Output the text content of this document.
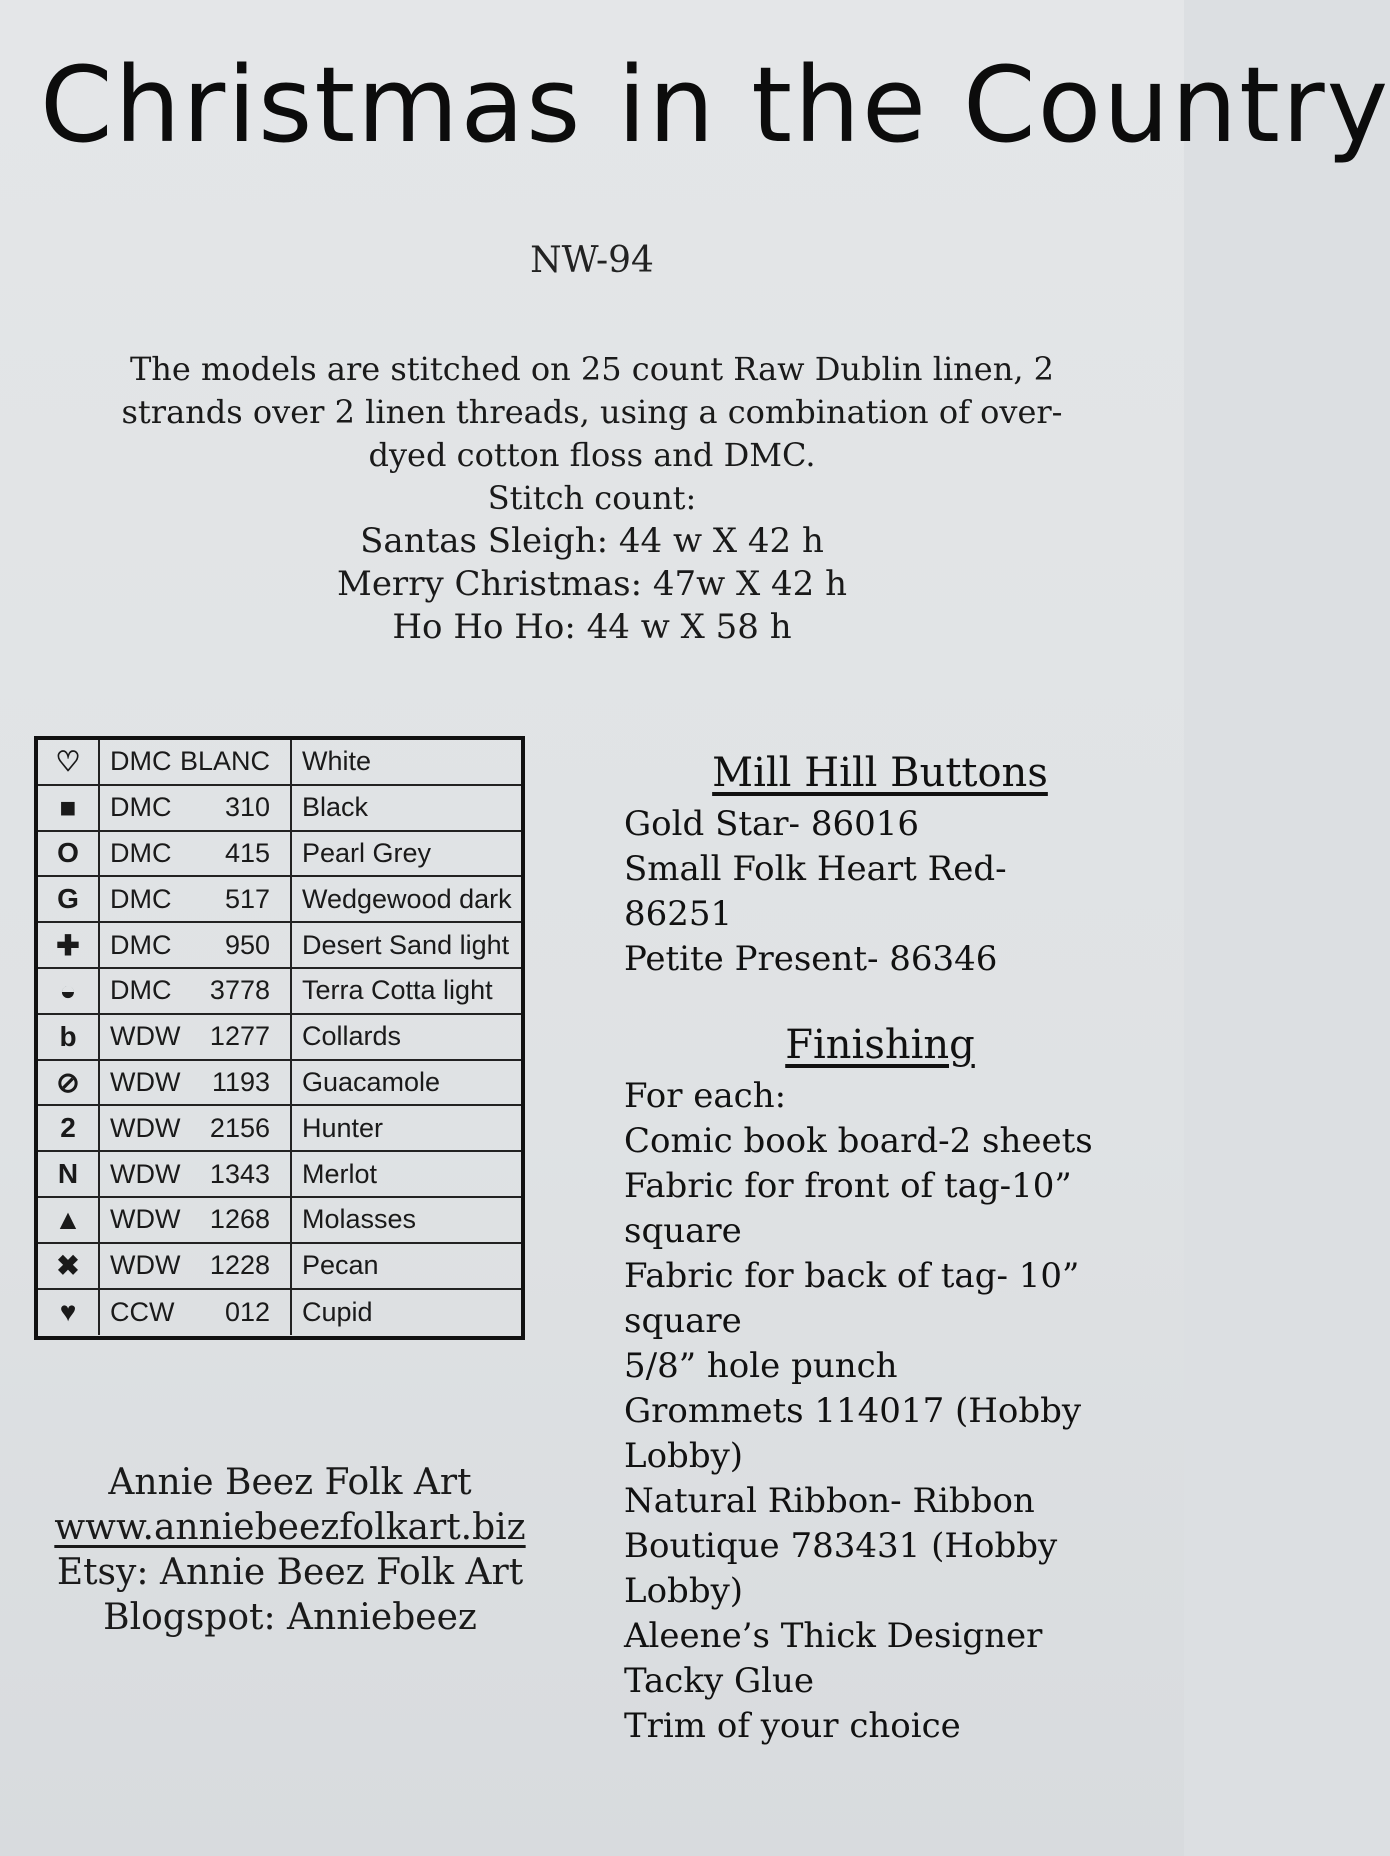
Christmas in the Country
NW-94

The models are stitched on 25 count Raw Dublin linen, 2

strands over 2 linen threads, using a combination of over-

dyed cotton floss and DMC.

Stitch count:

Santas Sleigh: 44 w X 42 h

Merry Christmas: 47w X 42 h

Ho Ho Ho: 44 w X 58 h

♡	DMC BLANC	White
■	DMC	310	Black
O	DMC	415	Pearl Grey
G	DMC	517	Wedgewood dark
✚	DMC	950	Desert Sand light
◒	DMC	3778	Terra Cotta light
b	WDW	1277	Collards
⊘	WDW	1193	Guacamole
2	WDW	2156	Hunter
N	WDW	1343	Merlot
▲	WDW	1268	Molasses
✖	WDW	1228	Pecan
♥	CCW	012	Cupid
Mill Hill Buttons
Gold Star- 86016
Small Folk Heart Red-
86251
Petite Present- 86346
Finishing
For each:
Comic book board-2 sheets
Fabric for front of tag-10”
square
Fabric for back of tag- 10”
square
5/8” hole punch
Grommets 114017 (Hobby
Lobby)
Natural Ribbon- Ribbon
Boutique 783431 (Hobby
Lobby)
Aleene’s Thick Designer
Tacky Glue
Trim of your choice
Annie Beez Folk Art
www.anniebeezfolkart.biz
Etsy: Annie Beez Folk Art
Blogspot: Anniebeez
